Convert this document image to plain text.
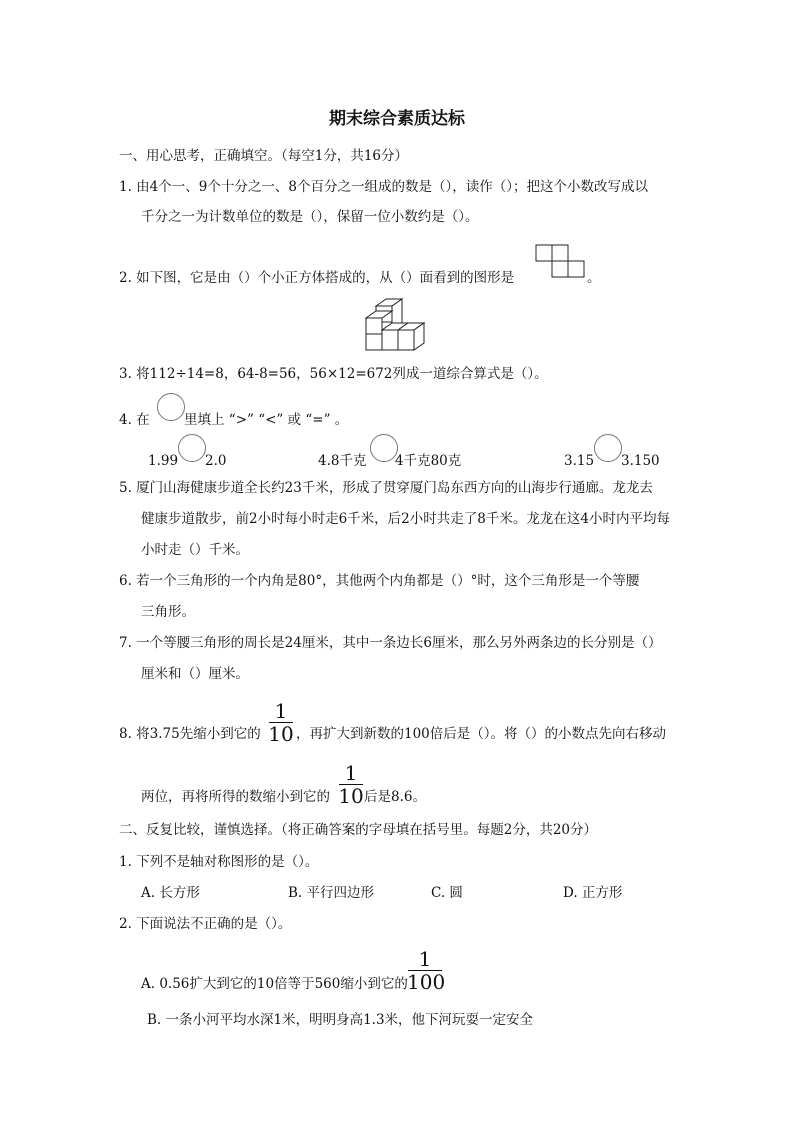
期末综合素质达标
一、用心思考，正确填空。（每空1分，共16分）
1. 由4个一、9个十分之一、8个百分之一组成的数是（），读作（）；把这个小数改写成以
千分之一为计数单位的数是（），保留一位小数约是（）。
2. 如下图，它是由（）个小正方体搭成的，从（）面看到的图形是	。
3. 将112÷14=8，64-8=56，56×12=672列成一道综合算式是（）。
4. 在	里填上 “>” “<” 或 “=” 。
1.99 2.0	4.8千克 4千克80克	3.15 3.150
5. 厦门山海健康步道全长约23千米，形成了贯穿厦门岛东西方向的山海步行通廊。龙龙去
健康步道散步，前2小时每小时走6千米，后2小时共走了8千米。龙龙在这4小时内平均每
小时走（）千米。
6. 若一个三角形的一个内角是80°，其他两个内角都是（）°时，这个三角形是一个等腰
三角形。
7. 一个等腰三角形的周长是24厘米，其中一条边长6厘米，那么另外两条边的长分别是（）
厘米和（）厘米。
8. 将3.75先缩小到它的
1
10 ，再扩大到新数的100倍后是（）。将（）的小数点先向右移动
两位，再将所得的数缩小到它的
1
10 后是8.6。
二、反复比较，谨慎选择。（将正确答案的字母填在括号里。每题2分，共20分）
1. 下列不是轴对称图形的是（）。
A. 长方形	B. 平行四边形	C. 圆	D. 正方形
2. 下面说法不正确的是（）。
A. 0.56扩大到它的10倍等于560缩小到它的
1
100
B. 一条小河平均水深1米，明明身高1.3米，他下河玩耍一定安全
